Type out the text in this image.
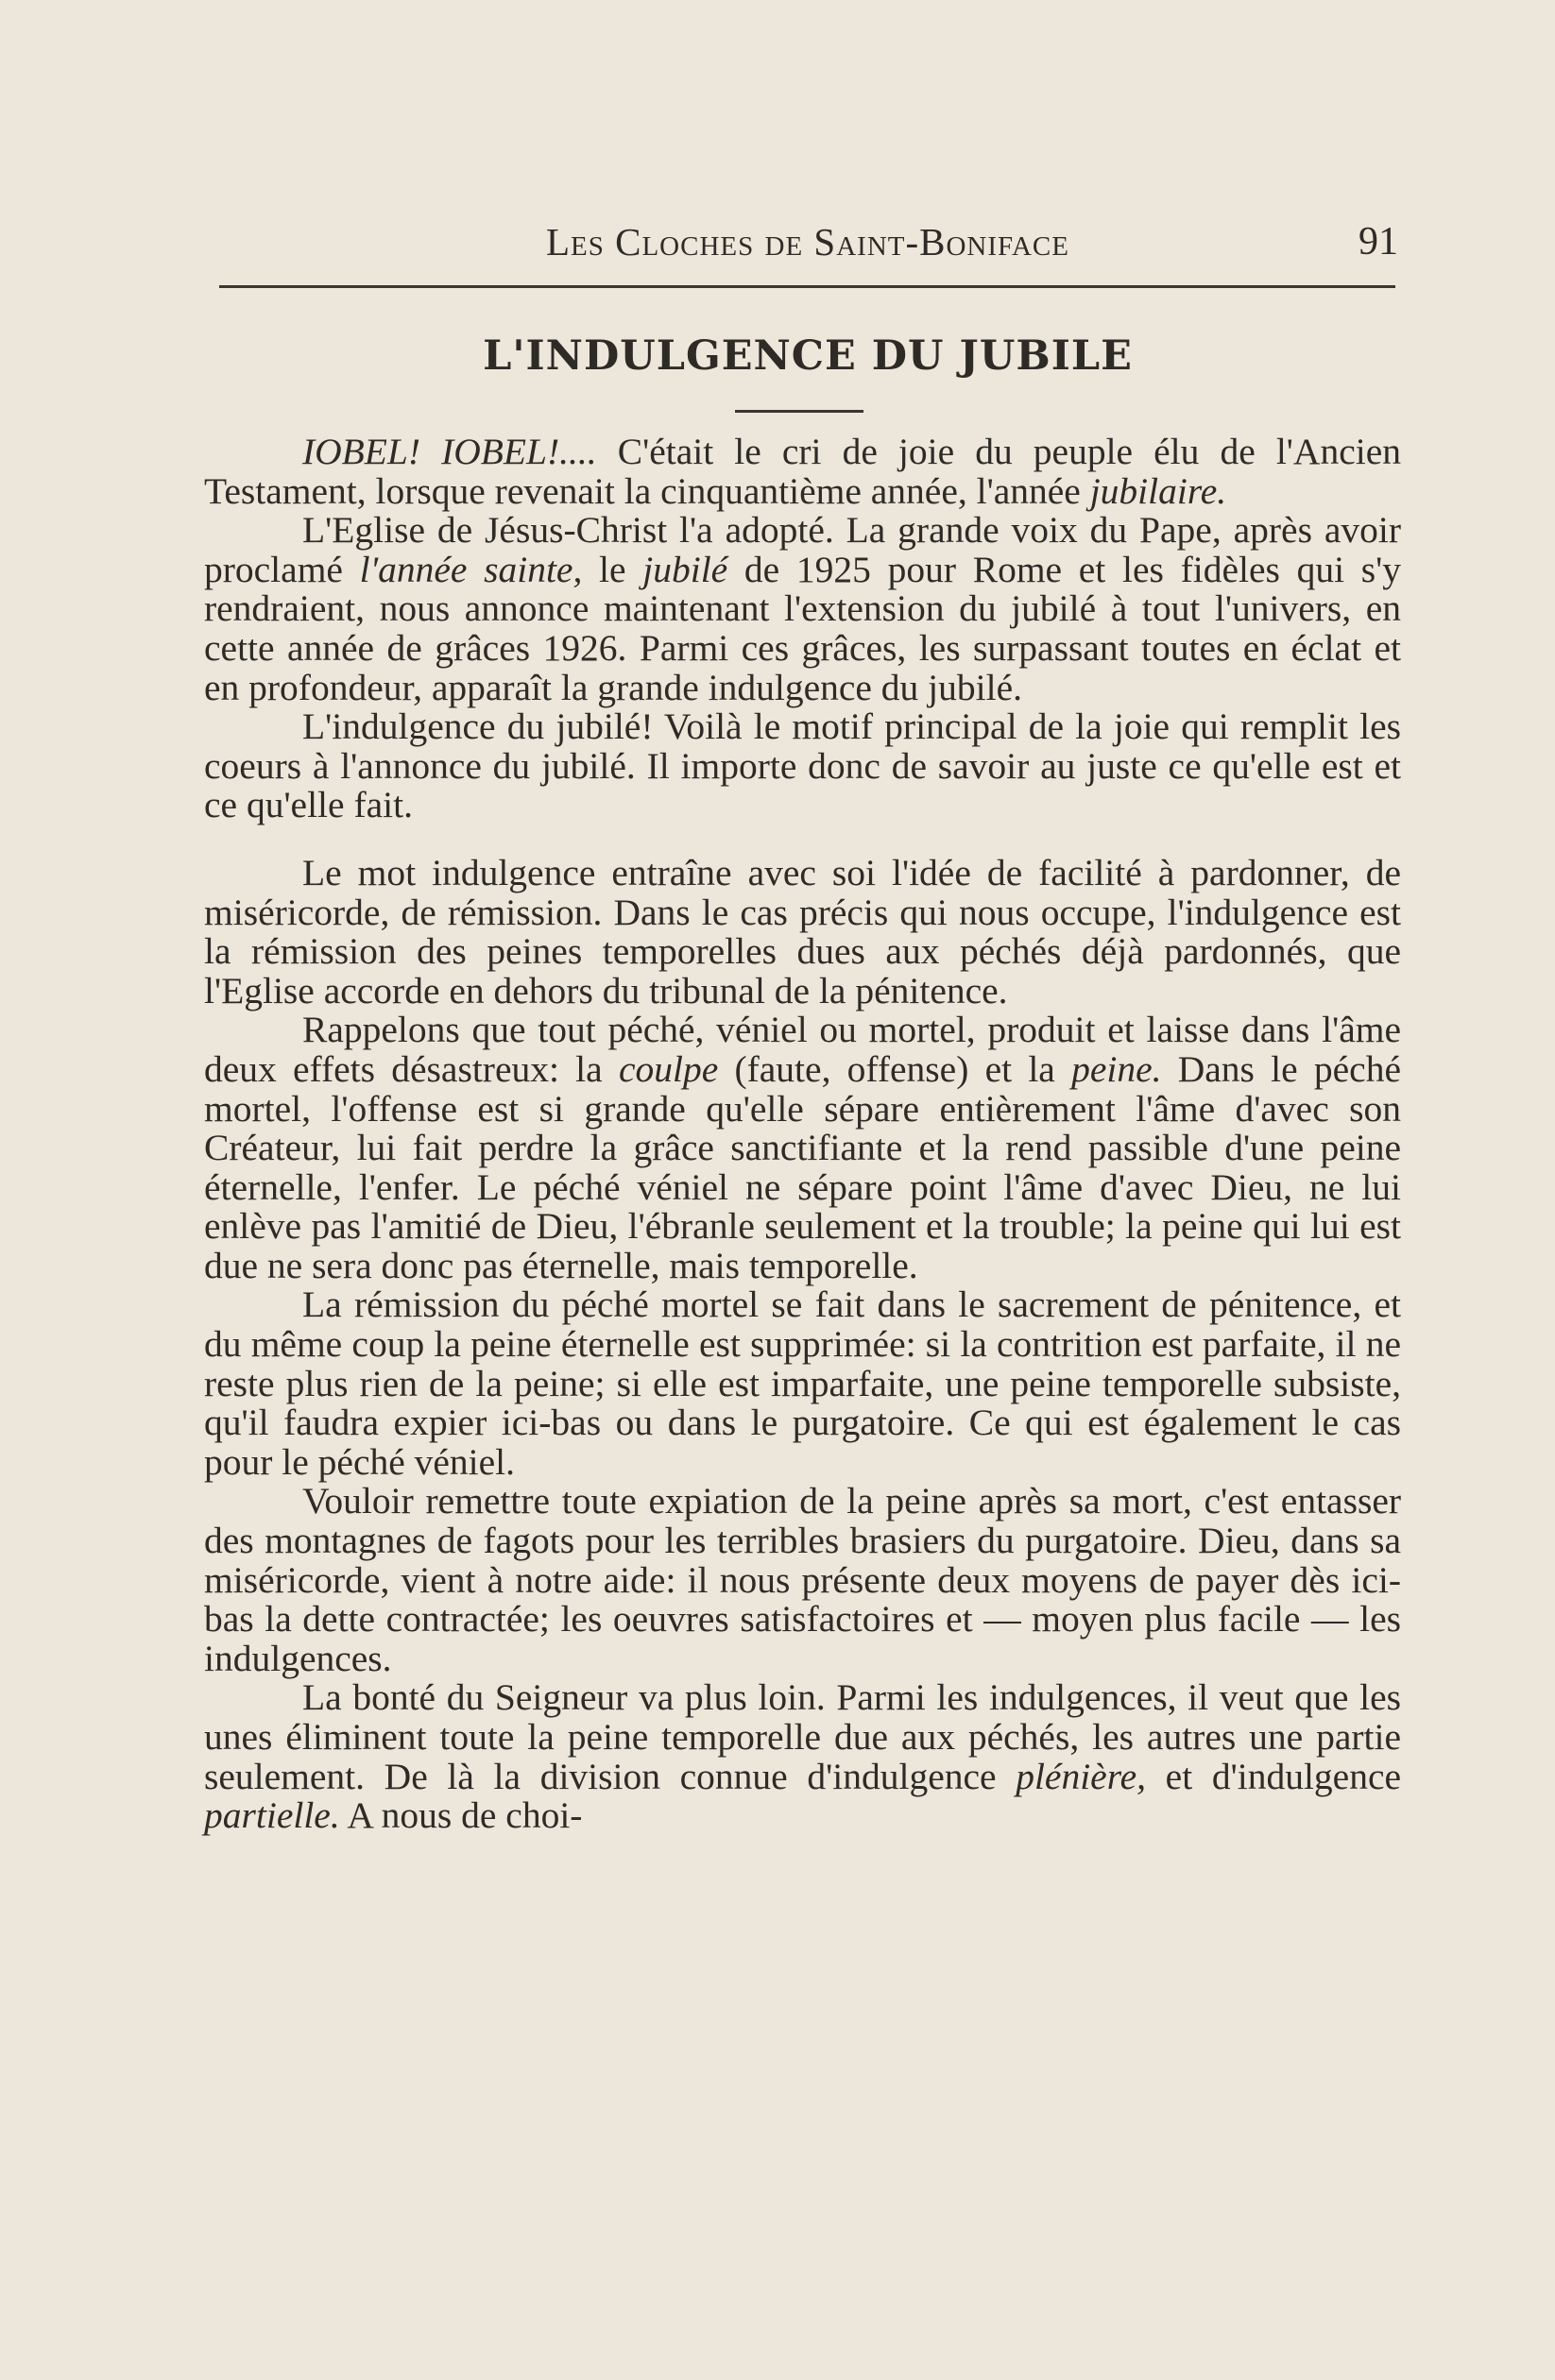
Les Cloches de Saint-Boniface	91
L'INDULGENCE DU JUBILE

IOBEL! IOBEL!.... C'était le cri de joie du peuple élu de l'Ancien Testament, lorsque revenait la cinquantième année, l'année jubilaire.

L'Eglise de Jésus-Christ l'a adopté. La grande voix du Pape, après avoir proclamé l'année sainte, le jubilé de 1925 pour Rome et les fidèles qui s'y rendraient, nous annonce maintenant l'extension du jubilé à tout l'univers, en cette année de grâces 1926. Parmi ces grâces, les surpassant toutes en éclat et en profondeur, apparaît la grande indulgence du jubilé.

L'indulgence du jubilé! Voilà le motif principal de la joie qui remplit les coeurs à l'annonce du jubilé. Il importe donc de savoir au juste ce qu'elle est et ce qu'elle fait.

Le mot indulgence entraîne avec soi l'idée de facilité à pardonner, de miséricorde, de rémission. Dans le cas précis qui nous occupe, l'indulgence est la rémission des peines temporelles dues aux péchés déjà pardonnés, que l'Eglise accorde en dehors du tribunal de la pénitence.

Rappelons que tout péché, véniel ou mortel, produit et laisse dans l'âme deux effets désastreux: la coulpe (faute, offense) et la peine. Dans le péché mortel, l'offense est si grande qu'elle sépare entièrement l'âme d'avec son Créateur, lui fait perdre la grâce sanctifiante et la rend passible d'une peine éternelle, l'enfer. Le péché véniel ne sépare point l'âme d'avec Dieu, ne lui enlève pas l'amitié de Dieu, l'ébranle seulement et la trouble; la peine qui lui est due ne sera donc pas éternelle, mais temporelle.

La rémission du péché mortel se fait dans le sacrement de pénitence, et du même coup la peine éternelle est supprimée: si la contrition est parfaite, il ne reste plus rien de la peine; si elle est imparfaite, une peine temporelle subsiste, qu'il faudra expier ici-bas ou dans le purgatoire. Ce qui est également le cas pour le péché véniel.

Vouloir remettre toute expiation de la peine après sa mort, c'est entasser des montagnes de fagots pour les terribles brasiers du purgatoire. Dieu, dans sa miséricorde, vient à notre aide: il nous présente deux moyens de payer dès ici-bas la dette contractée; les oeuvres satisfactoires et — moyen plus facile — les indulgences.

La bonté du Seigneur va plus loin. Parmi les indulgences, il veut que les unes éliminent toute la peine temporelle due aux péchés, les autres une partie seulement. De là la division connue d'indulgence plénière, et d'indulgence partielle. A nous de choi-
